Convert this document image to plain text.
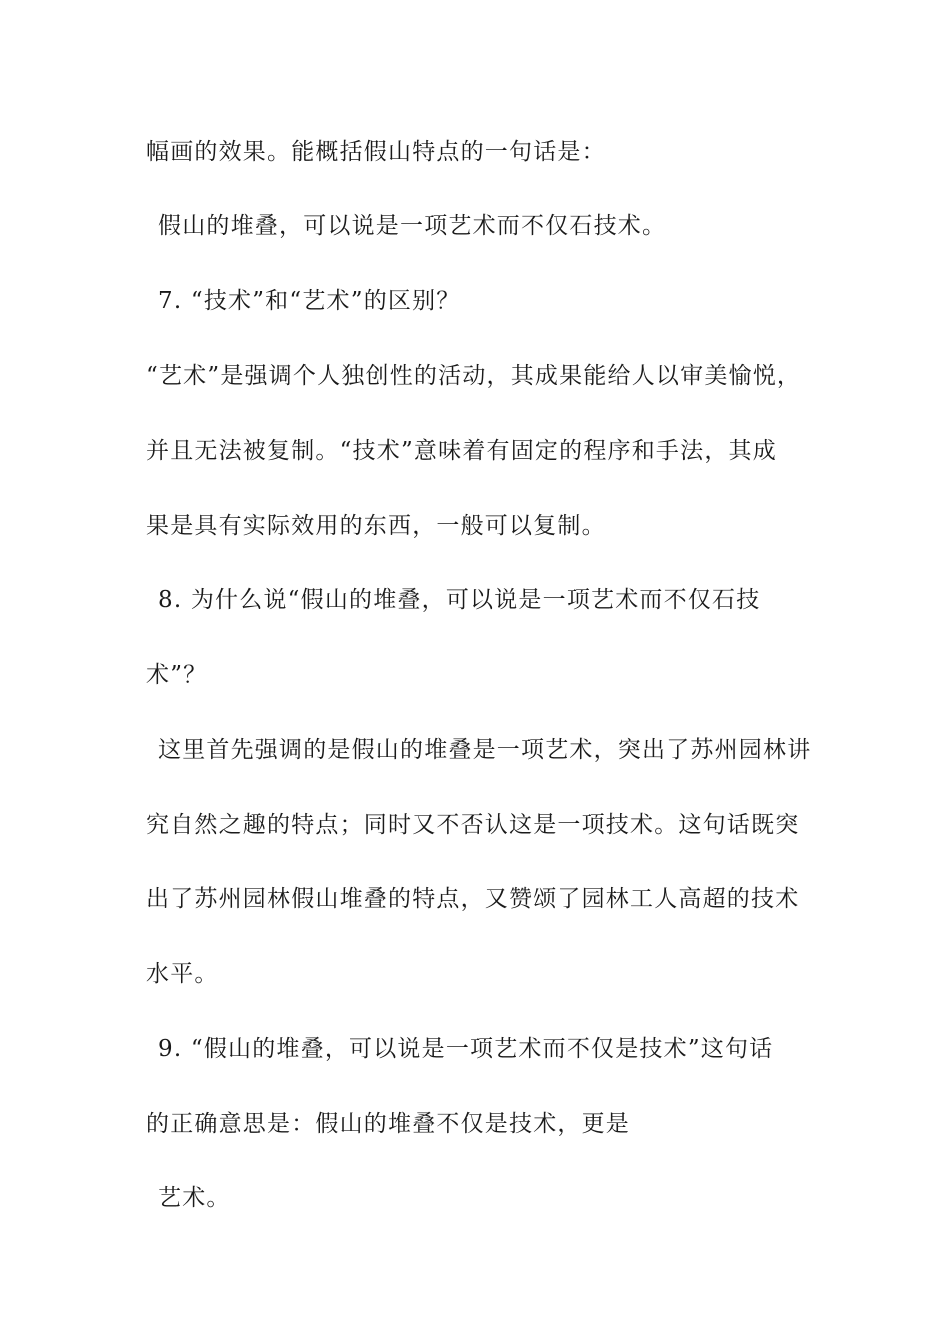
幅画的效果。能概括假山特点的一句话是：
假山的堆叠，可以说是一项艺术而不仅石技术。
7. “技术”和“艺术”的区别？
“艺术”是强调个人独创性的活动，其成果能给人以审美愉悦，
并且无法被复制。“技术”意味着有固定的程序和手法，其成
果是具有实际效用的东西，一般可以复制。
8. 为什么说“假山的堆叠，可以说是一项艺术而不仅石技
术”？
这里首先强调的是假山的堆叠是一项艺术，突出了苏州园林讲
究自然之趣的特点；同时又不否认这是一项技术。这句话既突
出了苏州园林假山堆叠的特点，又赞颂了园林工人高超的技术
水平。
9. “假山的堆叠，可以说是一项艺术而不仅是技术”这句话
的正确意思是：假山的堆叠不仅是技术，更是
艺术。
